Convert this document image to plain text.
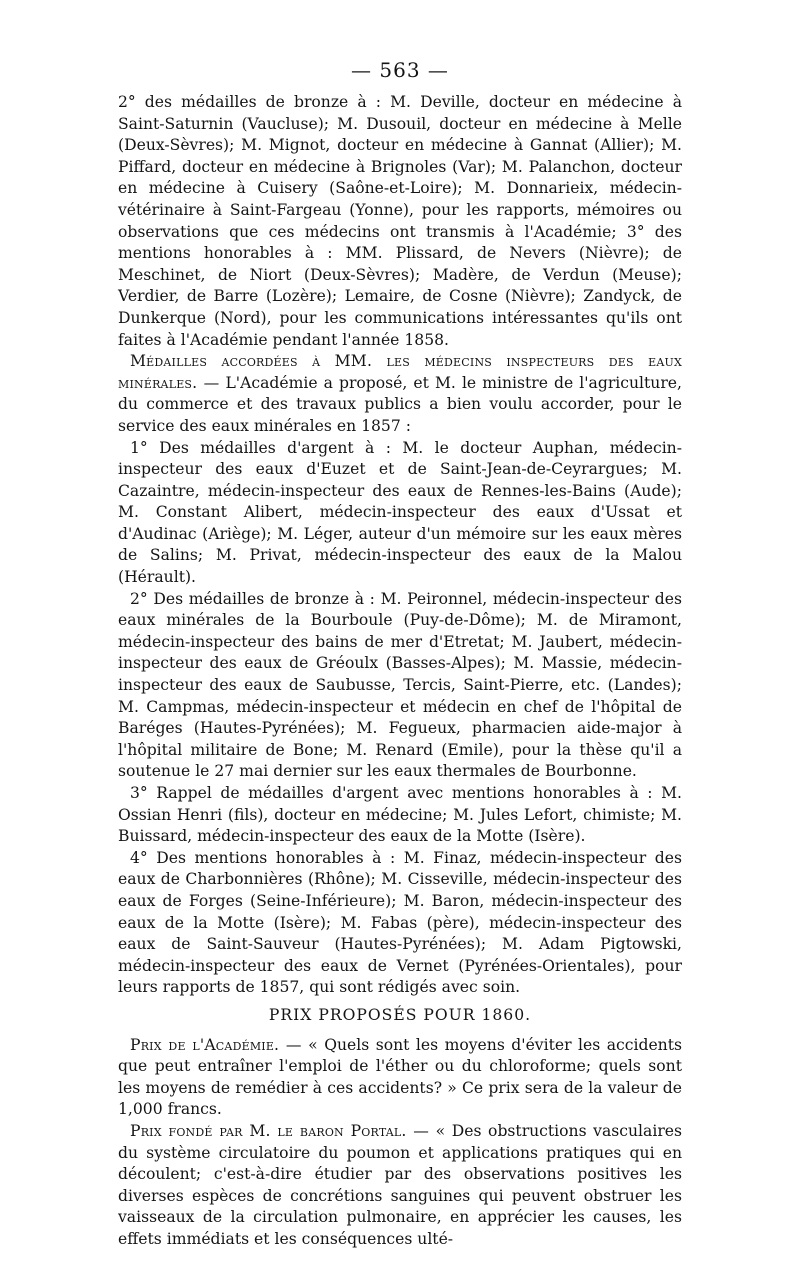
— 563 —

2° des médailles de bronze à : M. Deville, docteur en médecine à Saint-Saturnin (Vaucluse); M. Dusouil, docteur en médecine à Melle (Deux-Sèvres); M. Mignot, docteur en médecine à Gannat (Allier); M. Piffard, docteur en médecine à Brignoles (Var); M. Palanchon, docteur en médecine à Cuisery (Saône-et-Loire); M. Donnarieix, médecin-vétérinaire à Saint-Fargeau (Yonne), pour les rapports, mémoires ou observations que ces médecins ont transmis à l'Académie; 3° des mentions honorables à : MM. Plissard, de Nevers (Nièvre); de Meschinet, de Niort (Deux-Sèvres); Madère, de Verdun (Meuse); Verdier, de Barre (Lozère); Lemaire, de Cosne (Nièvre); Zandyck, de Dunkerque (Nord), pour les communications intéressantes qu'ils ont faites à l'Académie pendant l'année 1858.

Médailles accordées à MM. les médecins inspecteurs des eaux minérales. — L'Académie a proposé, et M. le ministre de l'agriculture, du commerce et des travaux publics a bien voulu accorder, pour le service des eaux minérales en 1857 :

1° Des médailles d'argent à : M. le docteur Auphan, médecin-inspecteur des eaux d'Euzet et de Saint-Jean-de-Ceyrargues; M. Cazaintre, médecin-inspecteur des eaux de Rennes-les-Bains (Aude); M. Constant Alibert, médecin-inspecteur des eaux d'Ussat et d'Audinac (Ariège); M. Léger, auteur d'un mémoire sur les eaux mères de Salins; M. Privat, médecin-inspecteur des eaux de la Malou (Hérault).

2° Des médailles de bronze à : M. Peironnel, médecin-inspecteur des eaux minérales de la Bourboule (Puy-de-Dôme); M. de Miramont, médecin-inspecteur des bains de mer d'Etretat; M. Jaubert, médecin-inspecteur des eaux de Gréoulx (Basses-Alpes); M. Massie, médecin-inspecteur des eaux de Saubusse, Tercis, Saint-Pierre, etc. (Landes); M. Campmas, médecin-inspecteur et médecin en chef de l'hôpital de Baréges (Hautes-Pyrénées); M. Fegueux, pharmacien aide-major à l'hôpital militaire de Bone; M. Renard (Emile), pour la thèse qu'il a soutenue le 27 mai dernier sur les eaux thermales de Bourbonne.

3° Rappel de médailles d'argent avec mentions honorables à : M. Ossian Henri (fils), docteur en médecine; M. Jules Lefort, chimiste; M. Buissard, médecin-inspecteur des eaux de la Motte (Isère).

4° Des mentions honorables à : M. Finaz, médecin-inspecteur des eaux de Charbonnières (Rhône); M. Cisseville, médecin-inspecteur des eaux de Forges (Seine-Inférieure); M. Baron, médecin-inspecteur des eaux de la Motte (Isère); M. Fabas (père), médecin-inspecteur des eaux de Saint-Sauveur (Hautes-Pyrénées); M. Adam Pigtowski, médecin-inspecteur des eaux de Vernet (Pyrénées-Orientales), pour leurs rapports de 1857, qui sont rédigés avec soin.

PRIX PROPOSÉS POUR 1860.

Prix de l'Académie. — « Quels sont les moyens d'éviter les accidents que peut entraîner l'emploi de l'éther ou du chloroforme; quels sont les moyens de remédier à ces accidents? » Ce prix sera de la valeur de 1,000 francs.

Prix fondé par M. le baron Portal. — « Des obstructions vasculaires du système circulatoire du poumon et applications pratiques qui en découlent; c'est-à-dire étudier par des observations positives les diverses espèces de concrétions sanguines qui peuvent obstruer les vaisseaux de la circulation pulmonaire, en apprécier les causes, les effets immédiats et les conséquences ulté-
